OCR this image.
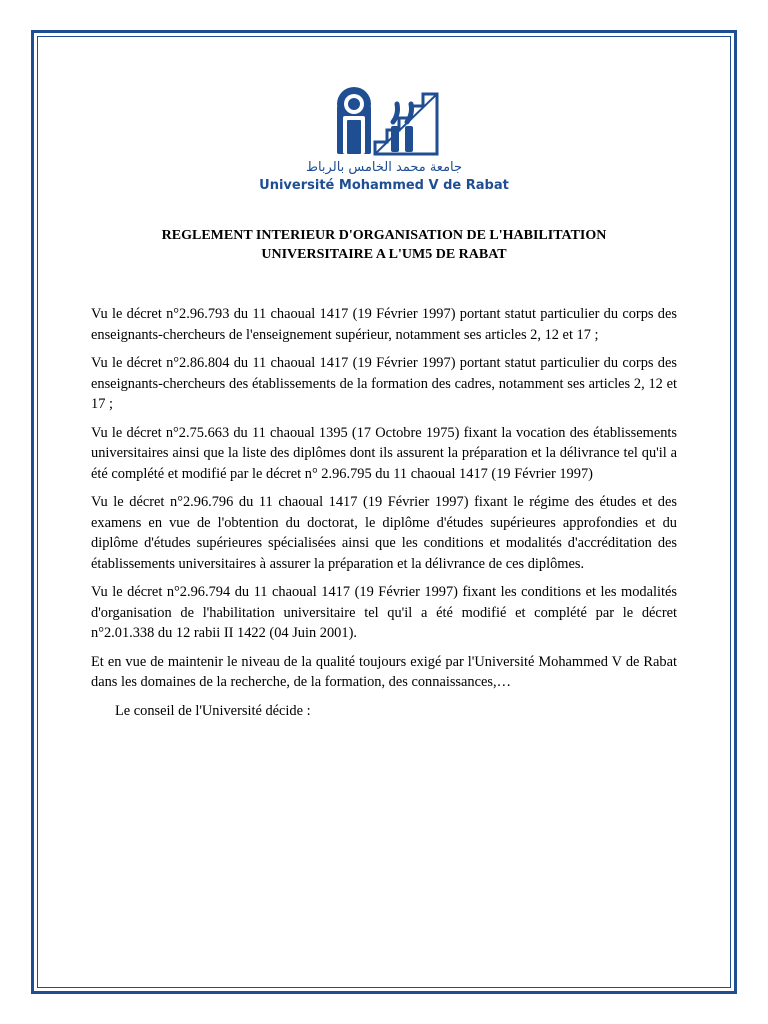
جامعة محمد الخامس بالرباط
Université Mohammed V de Rabat
REGLEMENT INTERIEUR D'ORGANISATION DE L'HABILITATION
UNIVERSITAIRE A L'UM5 DE RABAT

Vu le décret n°2.96.793 du 11 chaoual 1417 (19 Février 1997) portant statut particulier du corps des enseignants-chercheurs de l'enseignement supérieur, notamment ses articles 2, 12 et 17 ;

Vu le décret n°2.86.804 du 11 chaoual 1417 (19 Février 1997) portant statut particulier du corps des enseignants-chercheurs des établissements de la formation des cadres, notamment ses articles 2, 12 et 17 ;

Vu le décret n°2.75.663 du 11 chaoual 1395 (17 Octobre 1975) fixant la vocation des établissements universitaires ainsi que la liste des diplômes dont ils assurent la préparation et la délivrance tel qu'il a été complété et modifié par le décret n° 2.96.795 du 11 chaoual 1417 (19 Février 1997)

Vu le décret n°2.96.796 du 11 chaoual 1417 (19 Février 1997) fixant le régime des études et des examens en vue de l'obtention du doctorat, le diplôme d'études supérieures approfondies et du diplôme d'études supérieures spécialisées ainsi que les conditions et modalités d'accréditation des établissements universitaires à assurer la préparation et la délivrance de ces diplômes.

Vu le décret n°2.96.794 du 11 chaoual 1417 (19 Février 1997) fixant les conditions et les modalités d'organisation de l'habilitation universitaire tel qu'il a été modifié et complété par le décret n°2.01.338 du 12 rabii II 1422 (04 Juin 2001).

Et en vue de maintenir le niveau de la qualité toujours exigé par l'Université Mohammed V de Rabat dans les domaines de la recherche, de la formation, des connaissances,…

Le conseil de l'Université décide :
